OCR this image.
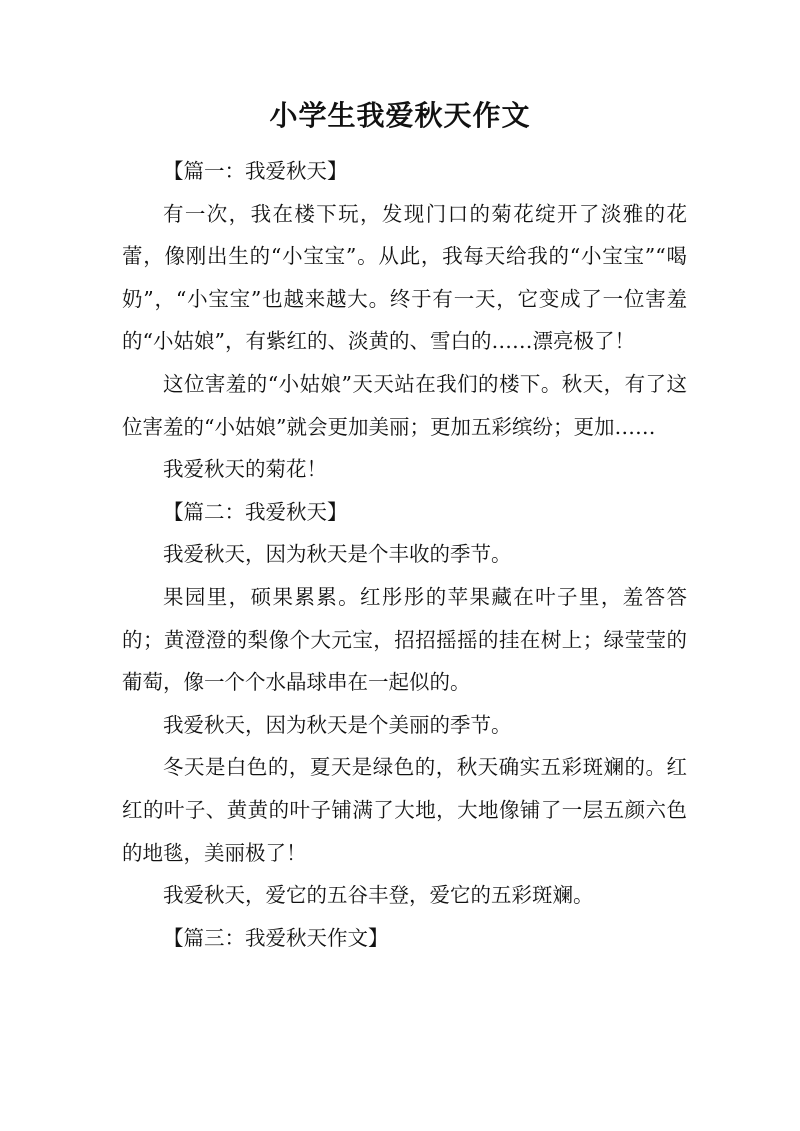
小学生我爱秋天作文

【篇一：我爱秋天】

有一次，我在楼下玩，发现门口的菊花绽开了淡雅的花蕾，像刚出生的“小宝宝”。从此，我每天给我的“小宝宝”“喝奶”，“小宝宝”也越来越大。终于有一天，它变成了一位害羞的“小姑娘”，有紫红的、淡黄的、雪白的……漂亮极了！

这位害羞的“小姑娘”天天站在我们的楼下。秋天，有了这位害羞的“小姑娘”就会更加美丽；更加五彩缤纷；更加……

我爱秋天的菊花！

【篇二：我爱秋天】

我爱秋天，因为秋天是个丰收的季节。

果园里，硕果累累。红彤彤的苹果藏在叶子里，羞答答的；黄澄澄的梨像个大元宝，招招摇摇的挂在树上；绿莹莹的葡萄，像一个个水晶球串在一起似的。

我爱秋天，因为秋天是个美丽的季节。

冬天是白色的，夏天是绿色的，秋天确实五彩斑斓的。红红的叶子、黄黄的叶子铺满了大地，大地像铺了一层五颜六色的地毯，美丽极了！

我爱秋天，爱它的五谷丰登，爱它的五彩斑斓。

【篇三：我爱秋天作文】
